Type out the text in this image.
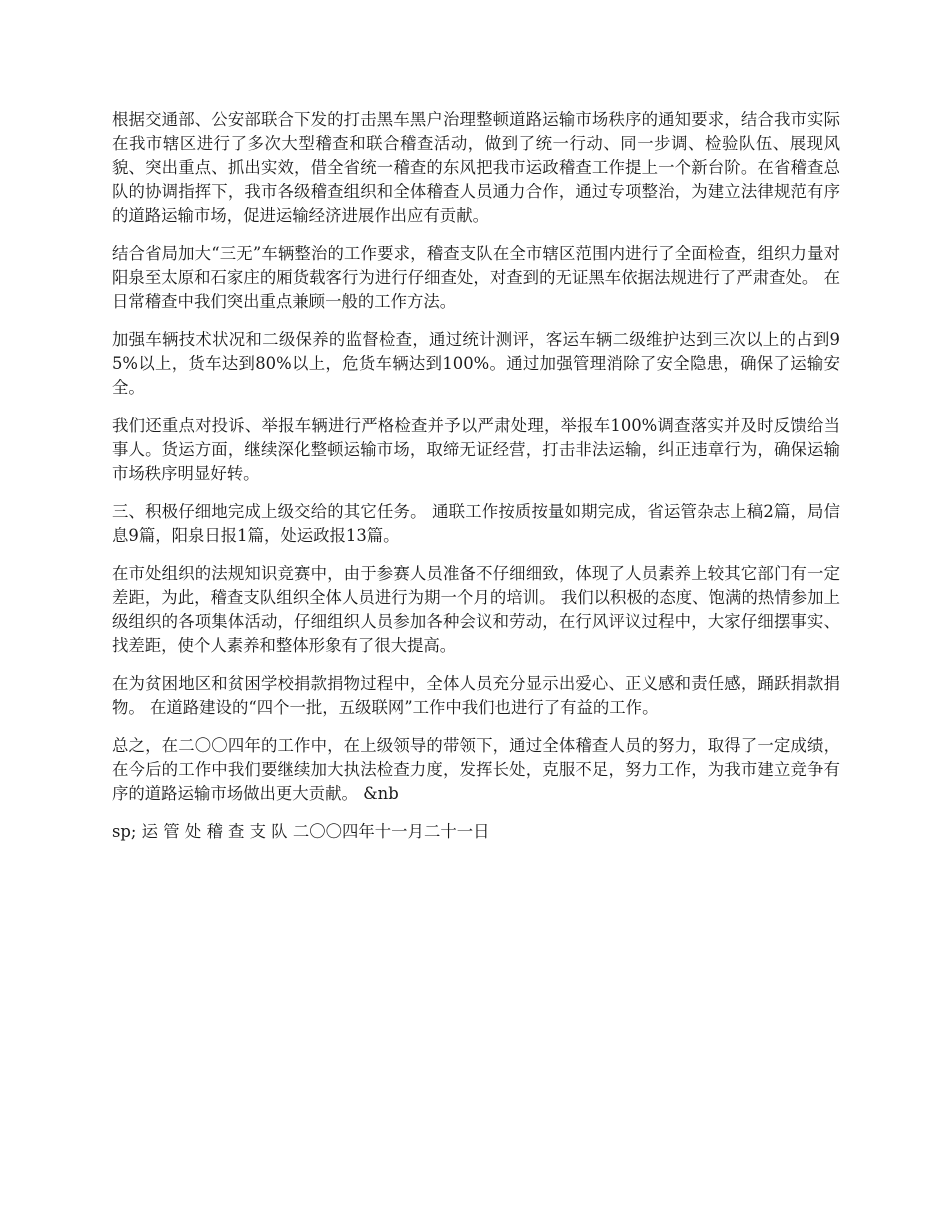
根据交通部、公安部联合下发的打击黑车黑户治理整顿道路运输市场秩序的通知要求，结合我市实际在我市辖区进行了多次大型稽查和联合稽查活动，做到了统一行动、同一步调、检验队伍、展现风貌、突出重点、抓出实效，借全省统一稽查的东风把我市运政稽查工作提上一个新台阶。在省稽查总队的协调指挥下，我市各级稽查组织和全体稽查人员通力合作，通过专项整治，为建立法律规范有序的道路运输市场，促进运输经济进展作出应有贡献。

结合省局加大“三无”车辆整治的工作要求，稽查支队在全市辖区范围内进行了全面检查，组织力量对阳泉至太原和石家庄的厢货载客行为进行仔细查处，对查到的无证黑车依据法规进行了严肃查处。 在日常稽查中我们突出重点兼顾一般的工作方法。

加强车辆技术状况和二级保养的监督检查，通过统计测评，客运车辆二级维护达到三次以上的占到95%以上，货车达到80%以上，危货车辆达到100%。通过加强管理消除了安全隐患，确保了运输安全。

我们还重点对投诉、举报车辆进行严格检查并予以严肃处理，举报车100%调查落实并及时反馈给当事人。货运方面，继续深化整顿运输市场，取缔无证经营，打击非法运输，纠正违章行为，确保运输市场秩序明显好转。

三、积极仔细地完成上级交给的其它任务。 通联工作按质按量如期完成，省运管杂志上稿2篇，局信息9篇，阳泉日报1篇，处运政报13篇。

在市处组织的法规知识竞赛中，由于参赛人员准备不仔细细致，体现了人员素养上较其它部门有一定差距，为此，稽查支队组织全体人员进行为期一个月的培训。 我们以积极的态度、饱满的热情参加上级组织的各项集体活动，仔细组织人员参加各种会议和劳动，在行风评议过程中，大家仔细摆事实、找差距，使个人素养和整体形象有了很大提高。

在为贫困地区和贫困学校捐款捐物过程中，全体人员充分显示出爱心、正义感和责任感，踊跃捐款捐物。 在道路建设的“四个一批，五级联网”工作中我们也进行了有益的工作。

总之，在二〇〇四年的工作中，在上级领导的带领下，通过全体稽查人员的努力，取得了一定成绩，在今后的工作中我们要继续加大执法检查力度，发挥长处，克服不足，努力工作，为我市建立竞争有序的道路运输市场做出更大贡献。 &nb

sp; 运 管 处 稽 查 支 队 二〇〇四年十一月二十一日
